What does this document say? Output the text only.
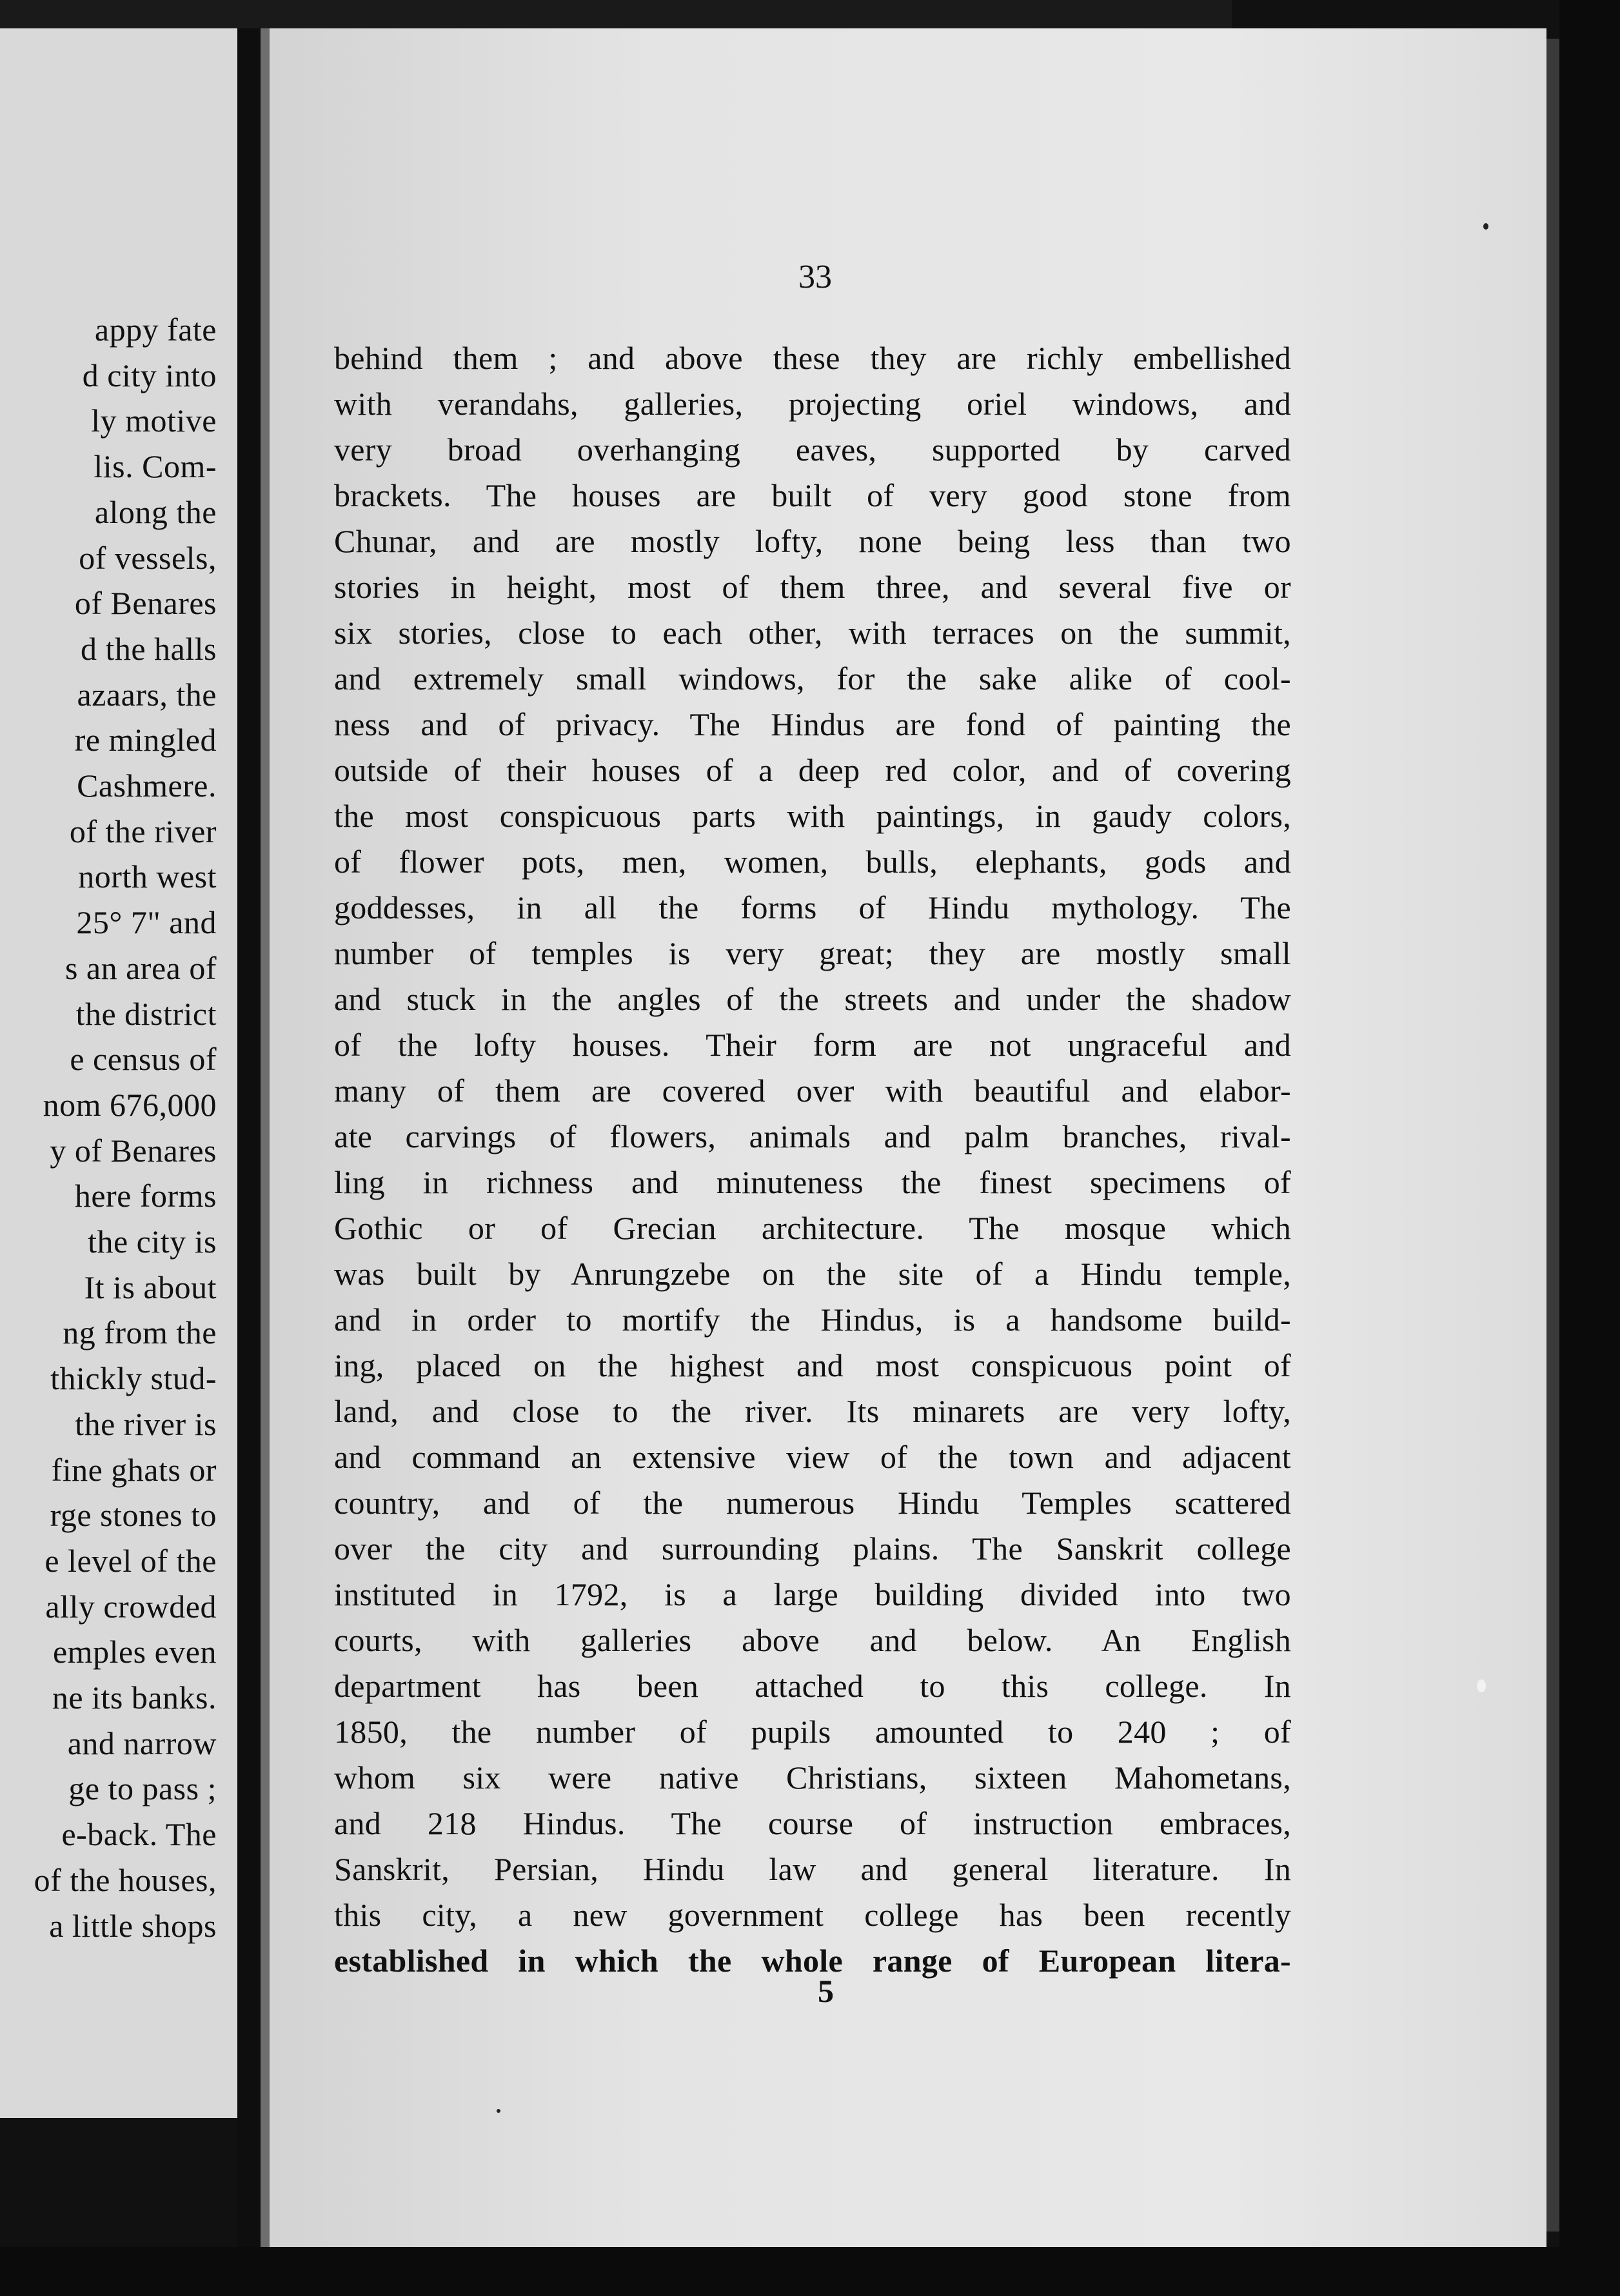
appy fate
d city into
ly motive
lis. Com-
along the
of vessels,
of Benares
d the halls
azaars, the
re mingled
Cashmere.
of the river
north west
25° 7" and
s an area of
the district
e census of
nom 676,000
y of Benares
here forms
the city is
It is about
ng from the
thickly stud-
the river is
fine ghats or
rge stones to
e level of the
ally crowded
emples even
ne its banks.
and narrow
ge to pass ;
e-back. The
of the houses,
a little shops
33
behind them ; and above these they are richly embellished
with verandahs, galleries, projecting oriel windows, and
very broad overhanging eaves, supported by carved
brackets. The houses are built of very good stone from
Chunar, and are mostly lofty, none being less than two
stories in height, most of them three, and several five or
six stories, close to each other, with terraces on the summit,
and extremely small windows, for the sake alike of cool-
ness and of privacy. The Hindus are fond of painting the
outside of their houses of a deep red color, and of covering
the most conspicuous parts with paintings, in gaudy colors,
of flower pots, men, women, bulls, elephants, gods and
goddesses, in all the forms of Hindu mythology. The
number of temples is very great; they are mostly small
and stuck in the angles of the streets and under the shadow
of the lofty houses. Their form are not ungraceful and
many of them are covered over with beautiful and elabor-
ate carvings of flowers, animals and palm branches, rival-
ling in richness and minuteness the finest specimens of
Gothic or of Grecian architecture. The mosque which
was built by Anrungzebe on the site of a Hindu temple,
and in order to mortify the Hindus, is a handsome build-
ing, placed on the highest and most conspicuous point of
land, and close to the river. Its minarets are very lofty,
and command an extensive view of the town and adjacent
country, and of the numerous Hindu Temples scattered
over the city and surrounding plains. The Sanskrit college
instituted in 1792, is a large building divided into two
courts, with galleries above and below. An English
department has been attached to this college. In
1850, the number of pupils amounted to 240 ; of
whom six were native Christians, sixteen Mahometans,
and 218 Hindus. The course of instruction embraces,
Sanskrit, Persian, Hindu law and general literature. In
this city, a new government college has been recently
established in which the whole range of European litera-
5
